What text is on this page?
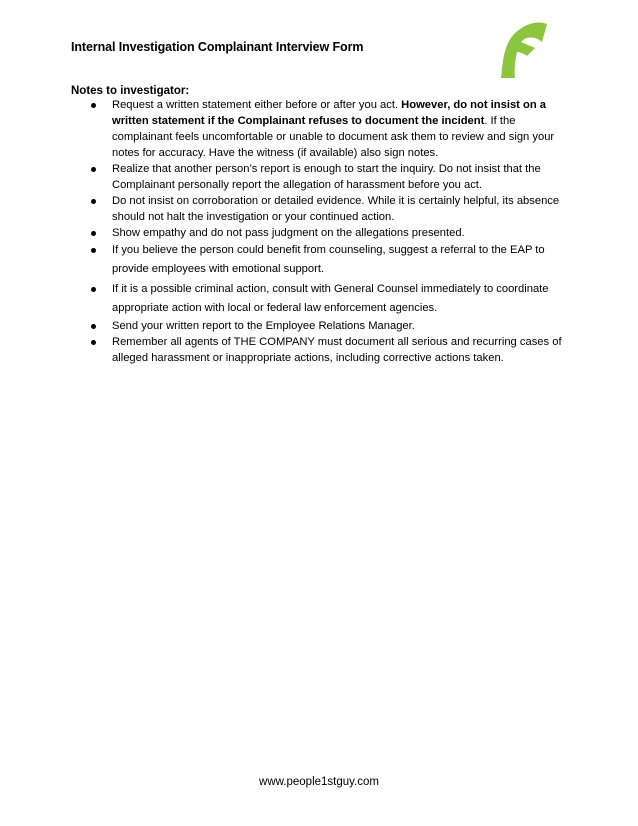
Internal Investigation Complainant Interview Form
Notes to investigator:
Request a written statement either before or after you act. However, do not insist on a written statement if the Complainant refuses to document the incident. If the complainant feels uncomfortable or unable to document ask them to review and sign your notes for accuracy. Have the witness (if available) also sign notes.
Realize that another person’s report is enough to start the inquiry. Do not insist that the Complainant personally report the allegation of harassment before you act.
Do not insist on corroboration or detailed evidence. While it is certainly helpful, its absence should not halt the investigation or your continued action.
Show empathy and do not pass judgment on the allegations presented.
If you believe the person could benefit from counseling, suggest a referral to the EAP to provide employees with emotional support.
If it is a possible criminal action, consult with General Counsel immediately to coordinate appropriate action with local or federal law enforcement agencies.
Send your written report to the Employee Relations Manager.
Remember all agents of THE COMPANY must document all serious and recurring cases of alleged harassment or inappropriate actions, including corrective actions taken.
www.people1stguy.com
